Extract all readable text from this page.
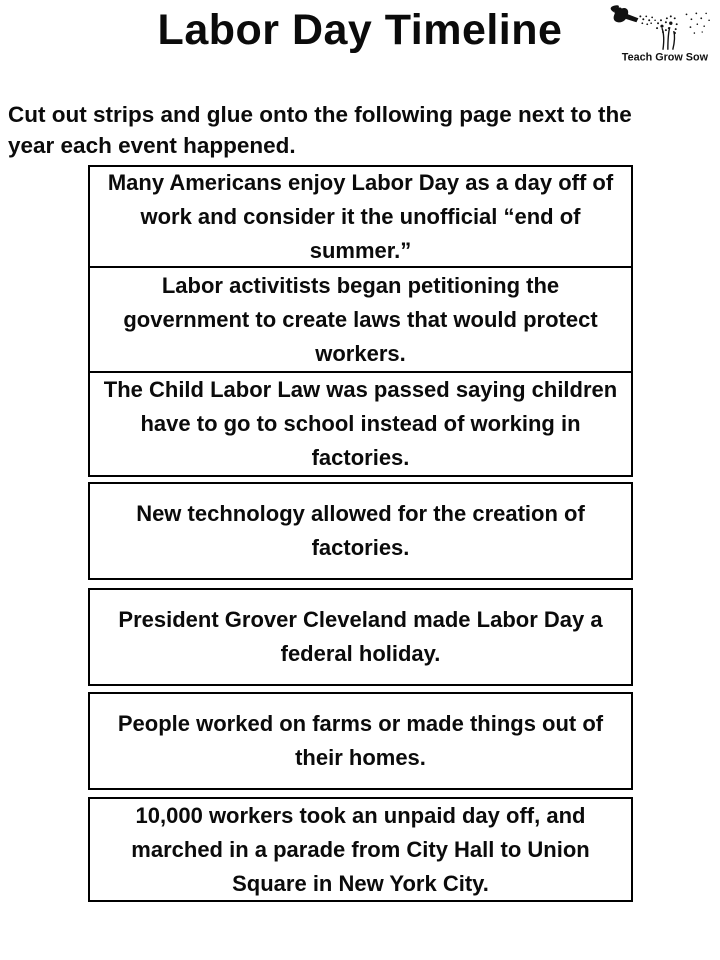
Labor Day Timeline
Teach Grow Sow

Cut out strips and glue onto the following page next to the
year each event happened.

Many Americans enjoy Labor Day as a day off of work and consider it the unofficial “end of summer.”
Labor activitists began petitioning the government to create laws that would protect workers.
The Child Labor Law was passed saying children have to go to school instead of working in factories.
New technology allowed for the creation of factories.
President Grover Cleveland made Labor Day a federal holiday.
People worked on farms or made things out of their homes.
10,000 workers took an unpaid day off, and marched in a parade from City Hall to Union Square in New York City.
